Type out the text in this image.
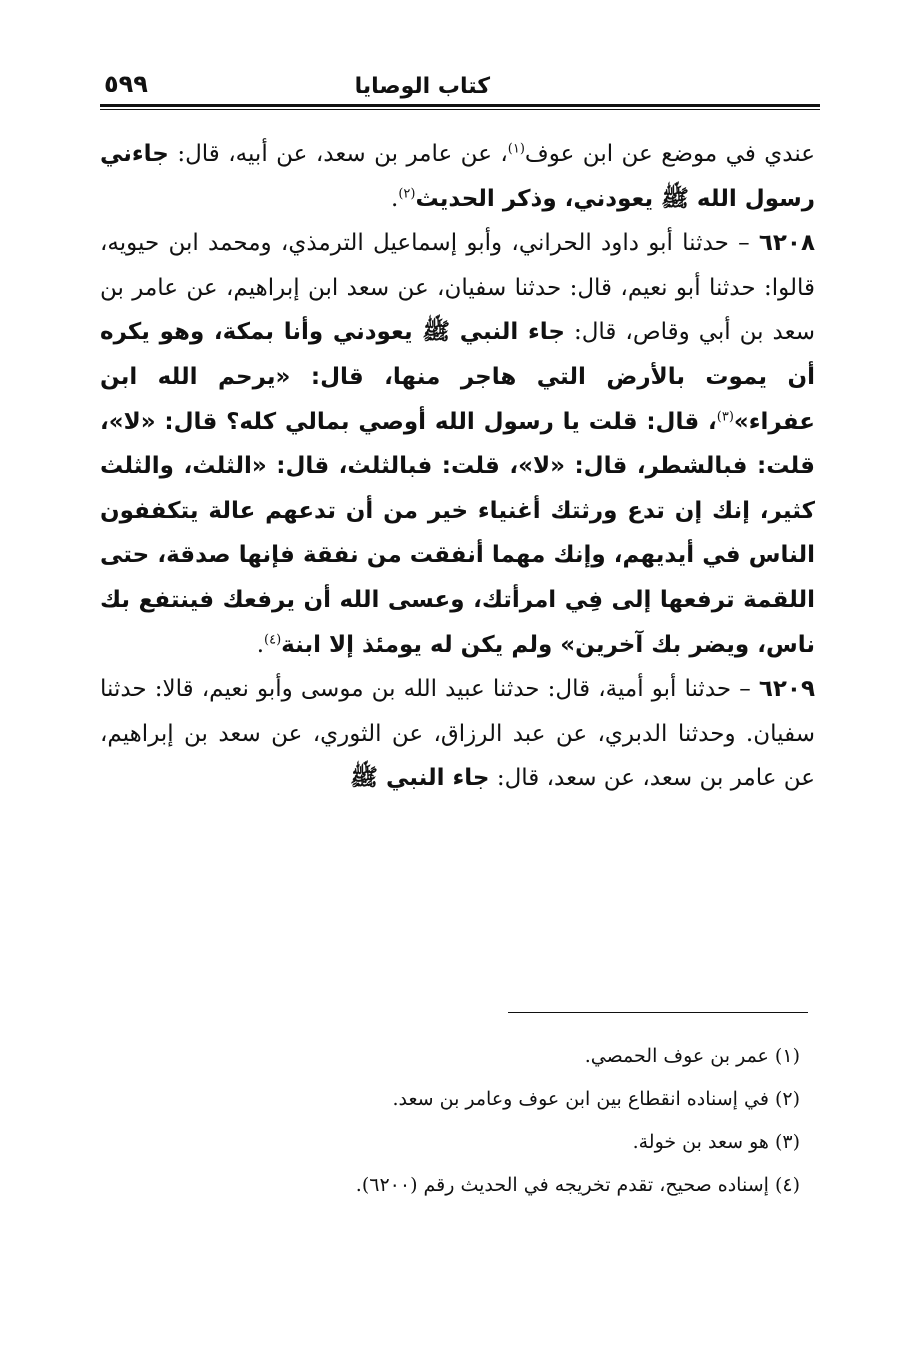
كتاب الوصايا
٥٩٩

عندي في موضع عن ابن عوف$^{(١)}$، عن عامر بن سعد، عن أبيه، قال: جاءني رسول الله ﷺ يعودني، وذكر الحديث$^{(٢)}$.

٦٢٠٨ – حدثنا أبو داود الحراني، وأبو إسماعيل الترمذي، ومحمد ابن حيويه، قالوا: حدثنا أبو نعيم، قال: حدثنا سفيان، عن سعد ابن إبراهيم، عن عامر بن سعد بن أبي وقاص، قال: جاء النبي ﷺ يعودني وأنا بمكة، وهو يكره أن يموت بالأرض التي هاجر منها، قال: «يرحم الله ابن عفراء»$^{(٣)}$، قال: قلت يا رسول الله أوصي بمالي كله؟ قال: «لا»، قلت: فبالشطر، قال: «لا»، قلت: فبالثلث، قال: «الثلث، والثلث كثير، إنك إن تدع ورثتك أغنياء خير من أن تدعهم عالة يتكففون الناس في أيديهم، وإنك مهما أنفقت من نفقة فإنها صدقة، حتى اللقمة ترفعها إلى فِي امرأتك، وعسى الله أن يرفعك فينتفع بك ناس، ويضر بك آخرين» ولم يكن له يومئذ إلا ابنة$^{(٤)}$.

٦٢٠٩ – حدثنا أبو أمية، قال: حدثنا عبيد الله بن موسى وأبو نعيم، قالا: حدثنا سفيان. وحدثنا الدبري، عن عبد الرزاق، عن الثوري، عن سعد بن إبراهيم، عن عامر بن سعد، عن سعد، قال: جاء النبي ﷺ

(١) عمر بن عوف الحمصي.

(٢) في إسناده انقطاع بين ابن عوف وعامر بن سعد.

(٣) هو سعد بن خولة.

(٤) إسناده صحيح، تقدم تخريجه في الحديث رقم (٦٢٠٠).
